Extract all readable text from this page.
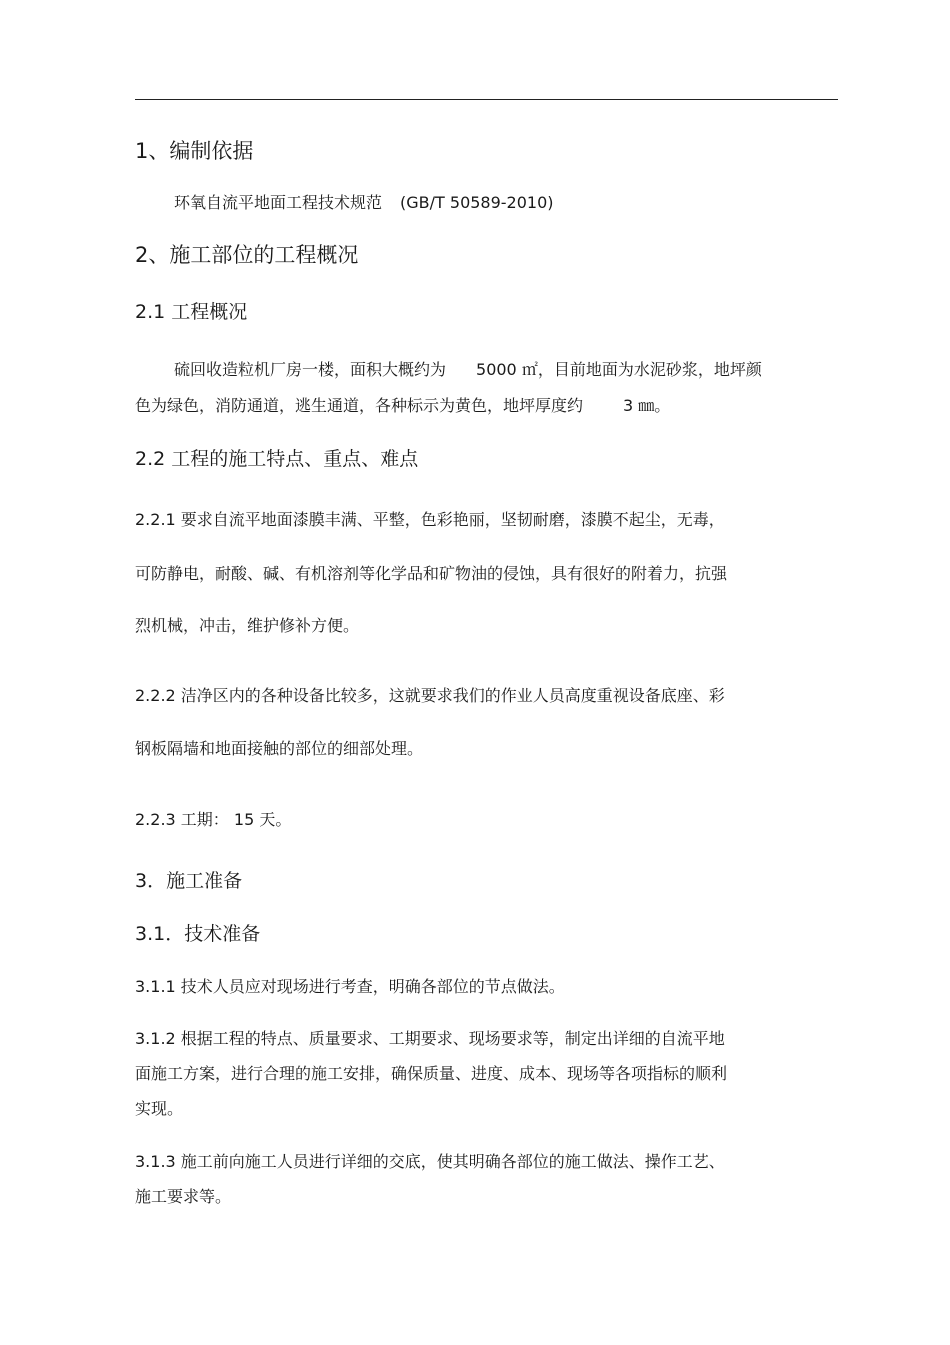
1、编制依据
环氧自流平地面工程技术规范 (GB/T 50589-2010)
2、施工部位的工程概况
2.1 工程概况
硫回收造粒机厂房一楼，面积大概约为 5000 ㎡，目前地面为水泥砂浆，地坪颜
色为绿色，消防通道，逃生通道，各种标示为黄色，地坪厚度约	3 ㎜。
2.2 工程的施工特点、重点、难点
2.2.1 要求自流平地面漆膜丰满、平整，色彩艳丽，坚韧耐磨，漆膜不起尘，无毒，
可防静电，耐酸、碱、有机溶剂等化学品和矿物油的侵蚀，具有很好的附着力，抗强
烈机械，冲击，维护修补方便。
2.2.2 洁净区内的各种设备比较多，这就要求我们的作业人员高度重视设备底座、彩
钢板隔墙和地面接触的部位的细部处理。
2.2.3 工期： 15 天。
3．施工准备
3.1．技术准备
3.1.1 技术人员应对现场进行考查，明确各部位的节点做法。
3.1.2 根据工程的特点、质量要求、工期要求、现场要求等，制定出详细的自流平地
面施工方案，进行合理的施工安排，确保质量、进度、成本、现场等各项指标的顺利
实现。
3.1.3 施工前向施工人员进行详细的交底，使其明确各部位的施工做法、操作工艺、
施工要求等。
